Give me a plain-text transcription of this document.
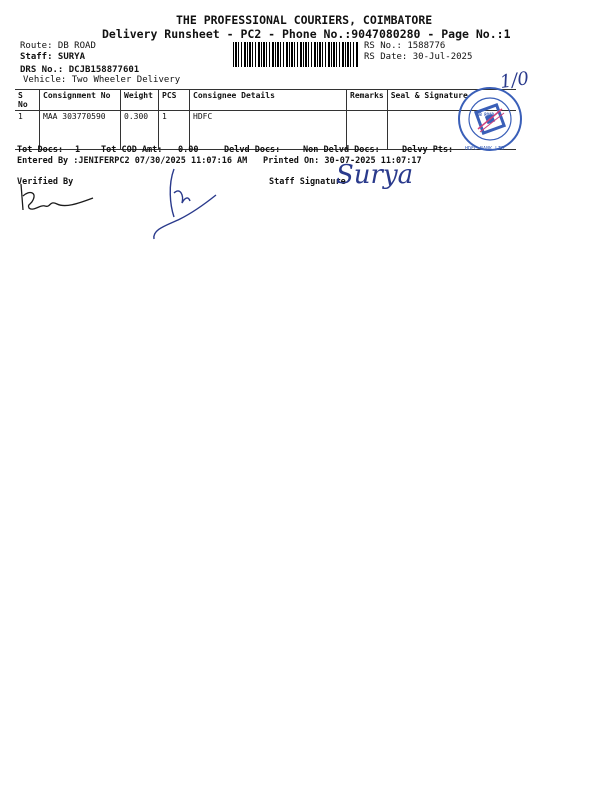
THE PROFESSIONAL COURIERS, COIMBATORE
Delivery Runsheet - PC2 - Phone No.:9047080280 - Page No.:1
Route: DB ROAD
Staff: SURYA
DRS No.: DCJB158877601
Vehicle: Two Wheeler Delivery
RS No.: 1588776
RS Date: 30-Jul-2025
1/0
S No	Consignment No	Weight	PCS	Consignee Details	Remarks	Seal & Signature
1	MAA 303770590	0.300	1	HDFC		
HDFC BANK LTD
DB ROAD
Tot Docs: 1 Tot COD Amt: 0.00	Delvd Docs:	Non Delvd Docs:	Delvy Pts:
Entered By :JENIFERPC2 07/30/2025 11:07:16 AM Printed On: 30-07-2025 11:07:17
Verified By	Staff Signature
Surya
